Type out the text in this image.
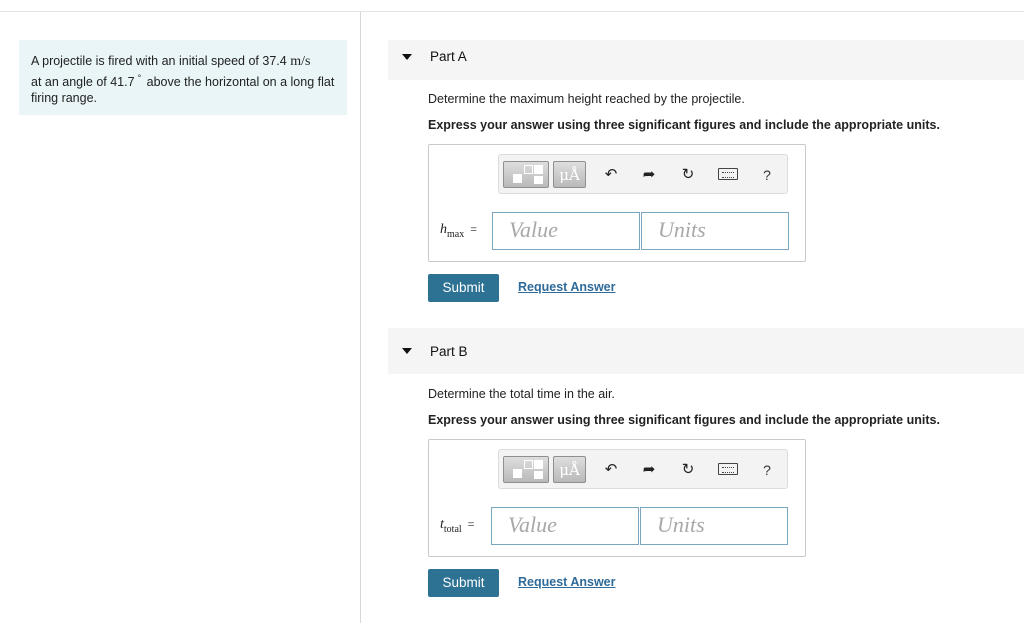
A projectile is fired with an initial speed of 37.4 m/s
at an angle of 41.7 ° above the horizontal on a long flat firing range.
Part A
Determine the maximum height reached by the projectile.
Express your answer using three significant figures and include the appropriate units.
μÅ	↶ ➦ ↻	?
$h_{max}$ =	Value	Units
Submit	Request Answer
Part B
Determine the total time in the air.
Express your answer using three significant figures and include the appropriate units.
μÅ	↶ ➦ ↻	?
$t_{total}$ =	Value	Units
Submit	Request Answer
